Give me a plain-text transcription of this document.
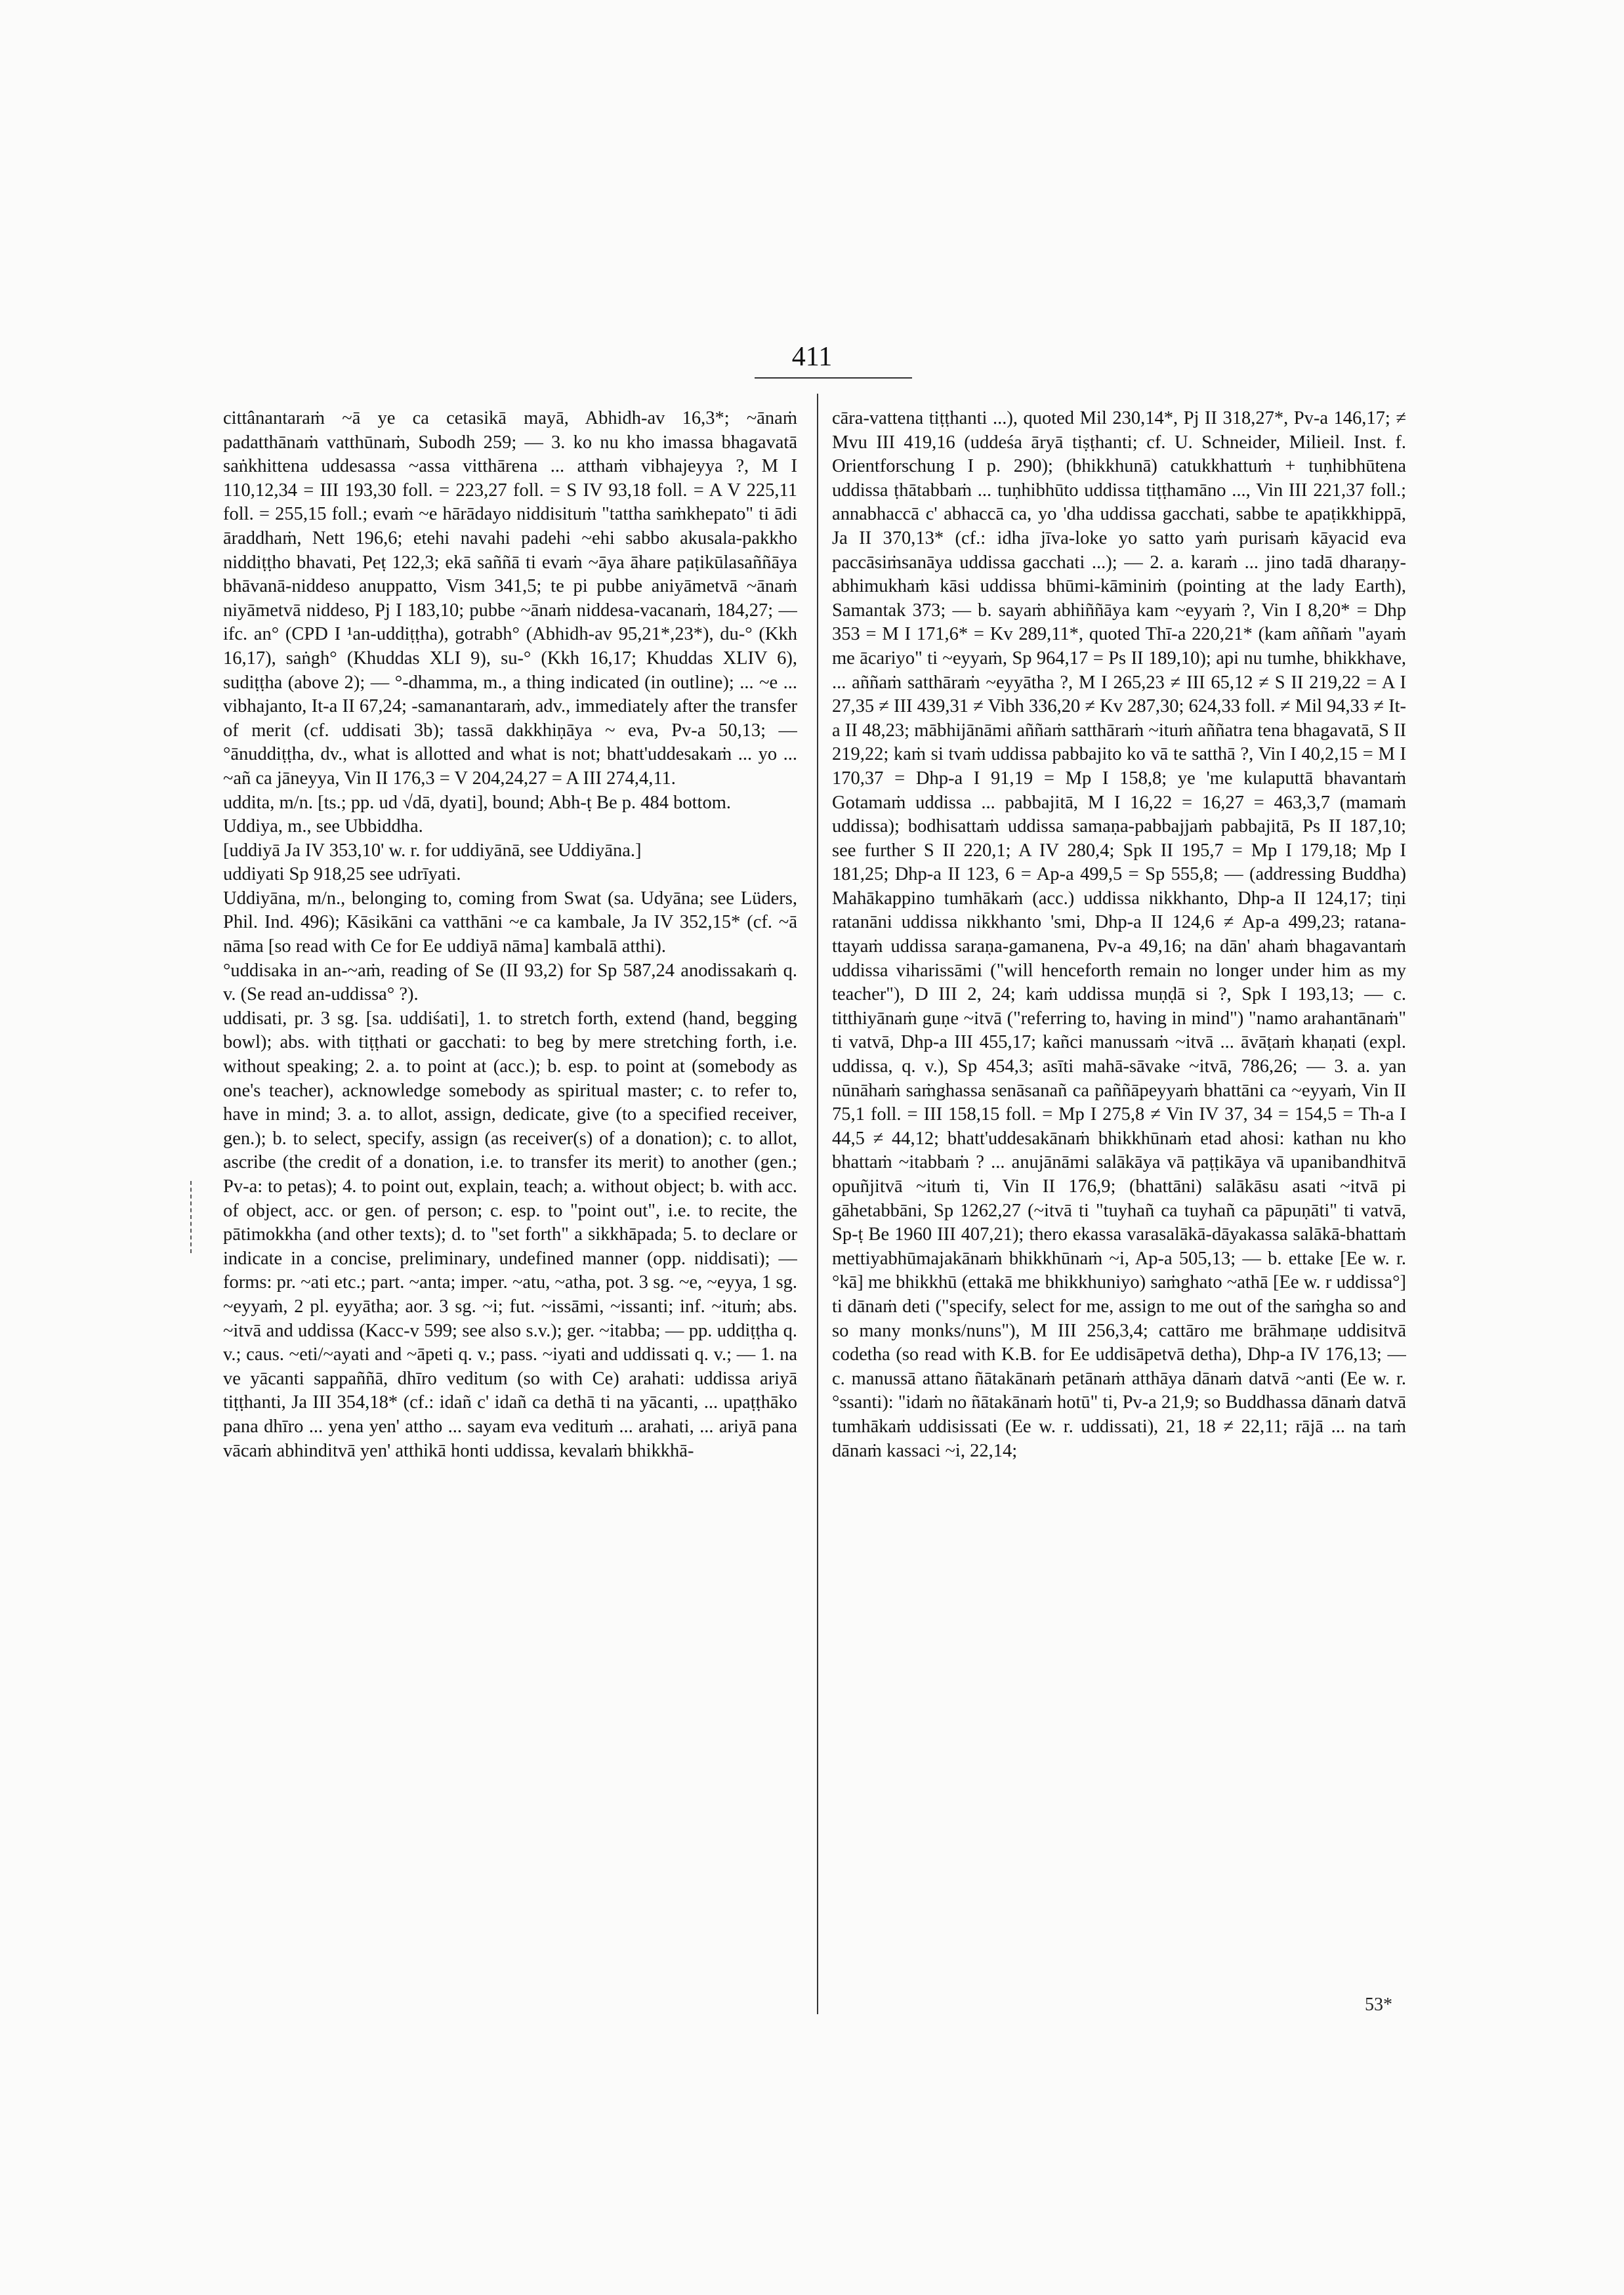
411

cittânantaraṁ ~ā ye ca cetasikā mayā, Abhidh-av 16,3*; ~ānaṁ padatthānaṁ vatthūnaṁ, Subodh 259; — 3. ko nu kho imassa bhagavatā saṅkhittena uddesassa ~assa vitthārena ... atthaṁ vibhajeyya ?, M I 110,12,34 = III 193,30 foll. = 223,27 foll. = S IV 93,18 foll. = A V 225,11 foll. = 255,15 foll.; evaṁ ~e hārādayo niddisituṁ "tattha saṁkhepato" ti ādi āraddhaṁ, Nett 196,6; etehi navahi padehi ~ehi sabbo akusala-pakkho niddiṭṭho bhavati, Peṭ 122,3; ekā saññā ti evaṁ ~āya āhare paṭikūlasaññāya bhāvanā-niddeso anuppatto, Vism 341,5; te pi pubbe aniyāmetvā ~ānaṁ niyāmetvā niddeso, Pj I 183,10; pubbe ~ānaṁ niddesa-vacanaṁ, 184,27; — ifc. an° (CPD I ¹an-uddiṭṭha), gotrabh° (Abhidh-av 95,21*,23*), du-° (Kkh 16,17), saṅgh° (Khuddas XLI 9), su-° (Kkh 16,17; Khuddas XLIV 6), sudiṭṭha (above 2); — °-dhamma, m., a thing indicated (in outline); ... ~e ... vibhajanto, It-a II 67,24; -samanantaraṁ, adv., immediately after the transfer of merit (cf. uddisati 3b); tassā dakkhiṇāya ~ eva, Pv-a 50,13; — °ānuddiṭṭha, dv., what is allotted and what is not; bhatt'uddesakaṁ ... yo ... ~añ ca jāneyya, Vin II 176,3 = V 204,24,27 = A III 274,4,11.

uddita, m/n. [ts.; pp. ud √dā, dyati], bound; Abh-ṭ Be p. 484 bottom.

Uddiya, m., see Ubbiddha.

[uddiyā Ja IV 353,10' w. r. for uddiyānā, see Uddiyāna.]

uddiyati Sp 918,25 see udrīyati.

Uddiyāna, m/n., belonging to, coming from Swat (sa. Udyāna; see Lüders, Phil. Ind. 496); Kāsikāni ca vatthāni ~e ca kambale, Ja IV 352,15* (cf. ~ā nāma [so read with Ce for Ee uddiyā nāma] kambalā atthi).

°uddisaka in an-~aṁ, reading of Se (II 93,2) for Sp 587,24 anodissakaṁ q. v. (Se read an-uddissa° ?).

uddisati, pr. 3 sg. [sa. uddiśati], 1. to stretch forth, extend (hand, begging bowl); abs. with tiṭṭhati or gacchati: to beg by mere stretching forth, i.e. without speaking; 2. a. to point at (acc.); b. esp. to point at (somebody as one's teacher), acknowledge somebody as spiritual master; c. to refer to, have in mind; 3. a. to allot, assign, dedicate, give (to a specified receiver, gen.); b. to select, specify, assign (as receiver(s) of a donation); c. to allot, ascribe (the credit of a donation, i.e. to transfer its merit) to another (gen.; Pv-a: to petas); 4. to point out, explain, teach; a. without object; b. with acc. of object, acc. or gen. of person; c. esp. to "point out", i.e. to recite, the pātimokkha (and other texts); d. to "set forth" a sikkhāpada; 5. to declare or indicate in a concise, preliminary, undefined manner (opp. niddisati); — forms: pr. ~ati etc.; part. ~anta; imper. ~atu, ~atha, pot. 3 sg. ~e, ~eyya, 1 sg. ~eyyaṁ, 2 pl. eyyātha; aor. 3 sg. ~i; fut. ~issāmi, ~issanti; inf. ~ituṁ; abs. ~itvā and uddissa (Kacc-v 599; see also s.v.); ger. ~itabba; — pp. uddiṭṭha q. v.; caus. ~eti/~ayati and ~āpeti q. v.; pass. ~iyati and uddissati q. v.; — 1. na ve yācanti sappaññā, dhīro veditum (so with Ce) arahati: uddissa ariyā tiṭṭhanti, Ja III 354,18* (cf.: idañ c' idañ ca dethā ti na yācanti, ... upaṭṭhāko pana dhīro ... yena yen' attho ... sayam eva vedituṁ ... arahati, ... ariyā pana vācaṁ abhinditvā yen' atthikā honti uddissa, kevalaṁ bhikkhā-

cāra-vattena tiṭṭhanti ...), quoted Mil 230,14*, Pj II 318,27*, Pv-a 146,17; ≠ Mvu III 419,16 (uddeśa āryā tiṣṭhanti; cf. U. Schneider, Milieil. Inst. f. Orientforschung I p. 290); (bhikkhunā) catukkhattuṁ + tuṇhibhūtena uddissa ṭhātabbaṁ ... tuṇhibhūto uddissa tiṭṭhamāno ..., Vin III 221,37 foll.; annabhaccā c' abhaccā ca, yo 'dha uddissa gacchati, sabbe te apaṭikkhippā, Ja II 370,13* (cf.: idha jīva-loke yo satto yaṁ purisaṁ kāyacid eva paccāsiṁsanāya uddissa gacchati ...); — 2. a. karaṁ ... jino tadā dharaṇy-abhimukhaṁ kāsi uddissa bhūmi-kāminiṁ (pointing at the lady Earth), Samantak 373; — b. sayaṁ abhiññāya kam ~eyyaṁ ?, Vin I 8,20* = Dhp 353 = M I 171,6* = Kv 289,11*, quoted Thī-a 220,21* (kam aññaṁ "ayaṁ me ācariyo" ti ~eyyaṁ, Sp 964,17 = Ps II 189,10); api nu tumhe, bhikkhave, ... aññaṁ satthāraṁ ~eyyātha ?, M I 265,23 ≠ III 65,12 ≠ S II 219,22 = A I 27,35 ≠ III 439,31 ≠ Vibh 336,20 ≠ Kv 287,30; 624,33 foll. ≠ Mil 94,33 ≠ It-a II 48,23; mābhijānāmi aññaṁ satthāraṁ ~ituṁ aññatra tena bhagavatā, S II 219,22; kaṁ si tvaṁ uddissa pabbajito ko vā te satthā ?, Vin I 40,2,15 = M I 170,37 = Dhp-a I 91,19 = Mp I 158,8; ye 'me kulaputtā bhavantaṁ Gotamaṁ uddissa ... pabbajitā, M I 16,22 = 16,27 = 463,3,7 (mamaṁ uddissa); bodhisattaṁ uddissa samaṇa-pabbajjaṁ pabbajitā, Ps II 187,10; see further S II 220,1; A IV 280,4; Spk II 195,7 = Mp I 179,18; Mp I 181,25; Dhp-a II 123, 6 = Ap-a 499,5 = Sp 555,8; — (addressing Buddha) Mahākappino tumhākaṁ (acc.) uddissa nikkhanto, Dhp-a II 124,17; tiṇi ratanāni uddissa nikkhanto 'smi, Dhp-a II 124,6 ≠ Ap-a 499,23; ratana-ttayaṁ uddissa saraṇa-gamanena, Pv-a 49,16; na dān' ahaṁ bhagavantaṁ uddissa viharissāmi ("will henceforth remain no longer under him as my teacher"), D III 2, 24; kaṁ uddissa muṇḍā si ?, Spk I 193,13; — c. titthiyānaṁ guṇe ~itvā ("referring to, having in mind") "namo arahantānaṁ" ti vatvā, Dhp-a III 455,17; kañci manussaṁ ~itvā ... āvāṭaṁ khaṇati (expl. uddissa, q. v.), Sp 454,3; asīti mahā-sāvake ~itvā, 786,26; — 3. a. yan nūnāhaṁ saṁghassa senāsanañ ca paññāpeyyaṁ bhattāni ca ~eyyaṁ, Vin II 75,1 foll. = III 158,15 foll. = Mp I 275,8 ≠ Vin IV 37, 34 = 154,5 = Th-a I 44,5 ≠ 44,12; bhatt'uddesakānaṁ bhikkhūnaṁ etad ahosi: kathan nu kho bhattaṁ ~itabbaṁ ? ... anujānāmi salākāya vā paṭṭikāya vā upanibandhitvā opuñjitvā ~ituṁ ti, Vin II 176,9; (bhattāni) salākāsu asati ~itvā pi gāhetabbāni, Sp 1262,27 (~itvā ti "tuyhañ ca tuyhañ ca pāpuṇāti" ti vatvā, Sp-ṭ Be 1960 III 407,21); thero ekassa varasalākā-dāyakassa salākā-bhattaṁ mettiyabhūmajakānaṁ bhikkhūnaṁ ~i, Ap-a 505,13; — b. ettake [Ee w. r. °kā] me bhikkhū (ettakā me bhikkhuniyo) saṁghato ~athā [Ee w. r uddissa°] ti dānaṁ deti ("specify, select for me, assign to me out of the saṁgha so and so many monks/nuns"), M III 256,3,4; cattāro me brāhmaṇe uddisitvā codetha (so read with K.B. for Ee uddisāpetvā detha), Dhp-a IV 176,13; — c. manussā attano ñātakānaṁ petānaṁ atthāya dānaṁ datvā ~anti (Ee w. r. °ssanti): "idaṁ no ñātakānaṁ hotū" ti, Pv-a 21,9; so Buddhassa dānaṁ datvā tumhākaṁ uddisissati (Ee w. r. uddissati), 21, 18 ≠ 22,11; rājā ... na taṁ dānaṁ kassaci ~i, 22,14;

53*
